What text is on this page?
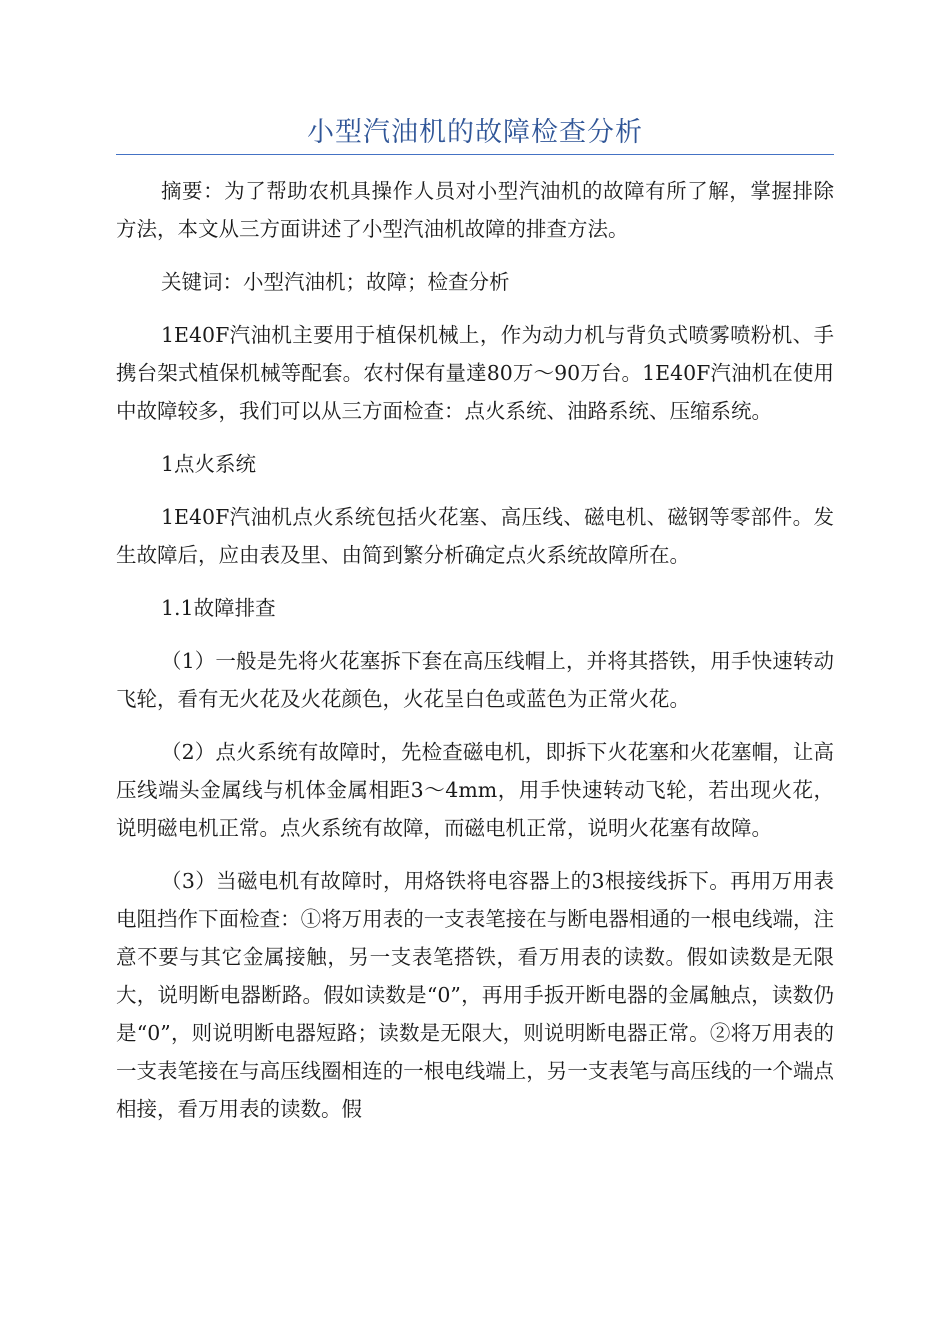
小型汽油机的故障检查分析

摘要：为了帮助农机具操作人员对小型汽油机的故障有所了解，掌握排除方法，本文从三方面讲述了小型汽油机故障的排查方法。

关键词：小型汽油机；故障；检查分析

1E40F汽油机主要用于植保机械上，作为动力机与背负式喷雾喷粉机、手携台架式植保机械等配套。农村保有量達80万～90万台。1E40F汽油机在使用中故障较多，我们可以从三方面检查：点火系统、油路系统、压缩系统。

1点火系统

1E40F汽油机点火系统包括火花塞、高压线、磁电机、磁钢等零部件。发生故障后，应由表及里、由简到繁分析确定点火系统故障所在。

1.1故障排查

（1）一般是先将火花塞拆下套在高压线帽上，并将其搭铁，用手快速转动飞轮，看有无火花及火花颜色，火花呈白色或蓝色为正常火花。

（2）点火系统有故障时，先检查磁电机，即拆下火花塞和火花塞帽，让高压线端头金属线与机体金属相距3～4mm，用手快速转动飞轮，若出现火花，说明磁电机正常。点火系统有故障，而磁电机正常，说明火花塞有故障。

（3）当磁电机有故障时，用烙铁将电容器上的3根接线拆下。再用万用表电阻挡作下面检查：①将万用表的一支表笔接在与断电器相通的一根电线端，注意不要与其它金属接触，另一支表笔搭铁，看万用表的读数。假如读数是无限大，说明断电器断路。假如读数是“0”，再用手扳开断电器的金属触点，读数仍是“0”，则说明断电器短路；读数是无限大，则说明断电器正常。②将万用表的一支表笔接在与高压线圈相连的一根电线端上，另一支表笔与高压线的一个端点相接，看万用表的读数。假
